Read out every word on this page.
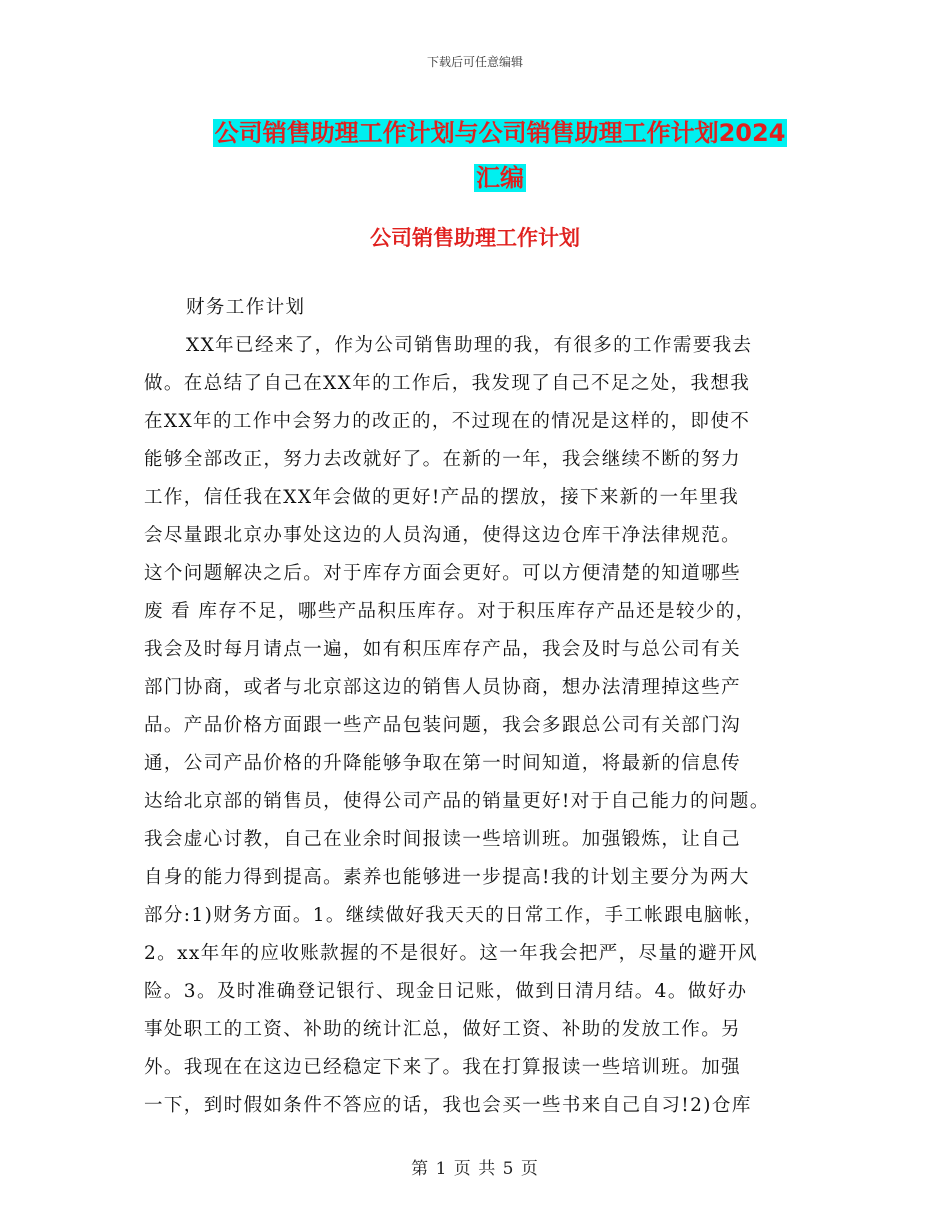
下载后可任意编辑
公司销售助理工作计划与公司销售助理工作计划2024
汇编
公司销售助理工作计划
财务工作计划
XX年已经来了，作为公司销售助理的我，有很多的工作需要我去
做。在总结了自己在XX年的工作后，我发现了自己不足之处，我想我
在XX年的工作中会努力的改正的，不过现在的情况是这样的，即使不
能够全部改正，努力去改就好了。在新的一年，我会继续不断的努力
工作，信任我在XX年会做的更好!产品的摆放，接下来新的一年里我
会尽量跟北京办事处这边的人员沟通，使得这边仓库干净法律规范。
这个问题解决之后。对于库存方面会更好。可以方便清楚的知道哪些
废 看 库存不足，哪些产品积压库存。对于积压库存产品还是较少的，
我会及时每月请点一遍，如有积压库存产品，我会及时与总公司有关
部门协商，或者与北京部这边的销售人员协商，想办法清理掉这些产
品。产品价格方面跟一些产品包装问题，我会多跟总公司有关部门沟
通，公司产品价格的升降能够争取在第一时间知道，将最新的信息传
达给北京部的销售员，使得公司产品的销量更好!对于自己能力的问题。
我会虚心讨教，自己在业余时间报读一些培训班。加强锻炼，让自己
自身的能力得到提高。素养也能够进一步提高!我的计划主要分为两大
部分:1)财务方面。1。继续做好我天天的日常工作，手工帐跟电脑帐，
2。xx年年的应收账款握的不是很好。这一年我会把严，尽量的避开风
险。3。及时准确登记银行、现金日记账，做到日清月结。4。做好办
事处职工的工资、补助的统计汇总，做好工资、补助的发放工作。另
外。我现在在这边已经稳定下来了。我在打算报读一些培训班。加强
一下，到时假如条件不答应的话，我也会买一些书来自己自习!2)仓库
第 1 页 共 5 页
